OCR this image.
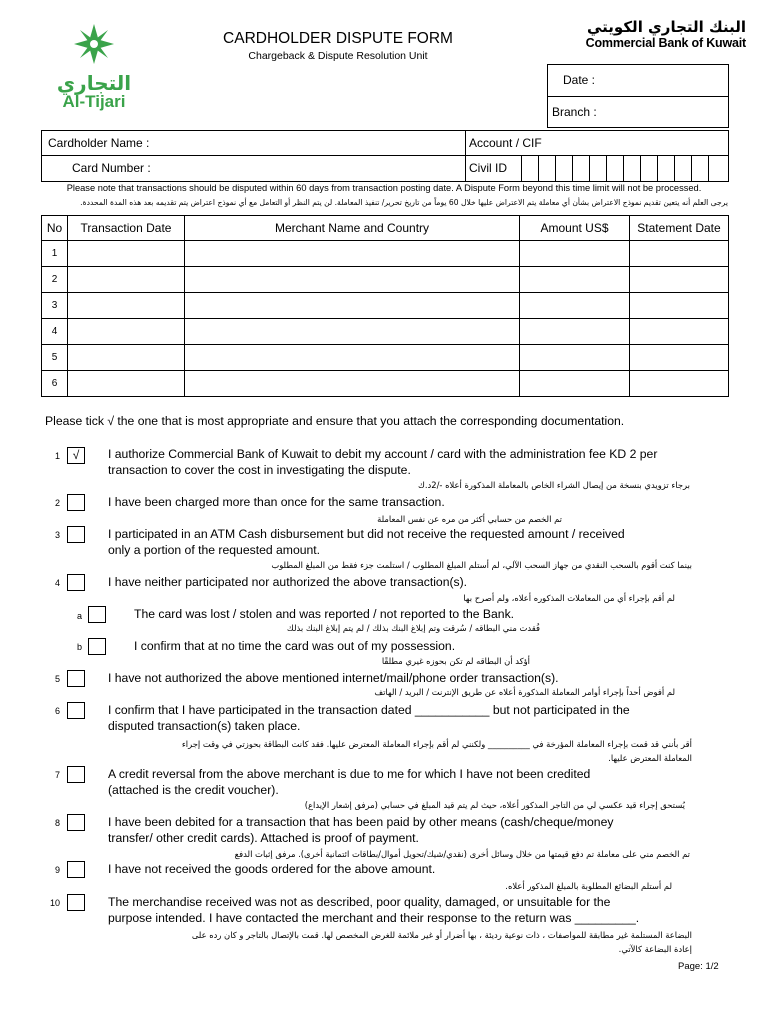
التجاري
Al-Tijari
CARDHOLDER DISPUTE FORM
Chargeback & Dispute Resolution Unit
البنك التجاري الكويتي
Commercial Bank of Kuwait
Date :
Branch :
Cardholder Name :
Card Number :
Account / CIF
Civil ID
Please note that transactions should be disputed within 60 days from transaction posting date. A Dispute Form beyond this time limit will not be processed.
يرجى العلم أنه يتعين تقديم نموذج الاعتراض بشأن أي معاملة يتم الاعتراض عليها خلال 60 يوماً من تاريخ تحرير/ تنفيذ المعاملة. لن يتم النظر أو التعامل مع أي نموذج اعتراض يتم تقديمه بعد هذه المدة المحددة.
No	Transaction Date	Merchant Name and Country	Amount US$	Statement Date
1				
2				
3				
4				
5				
6				
Please tick √ the one that is most appropriate and ensure that you attach the corresponding documentation.
1	√	I authorize Commercial Bank of Kuwait to debit my account / card with the administration fee KD 2 per
transaction to cover the cost in investigating the dispute.
برجاء تزويدي بنسخة من إيصال الشراء الخاص بالمعاملة المذكورة أعلاه -/2د.ك
2	I have been charged more than once for the same transaction.
تم الخصم من حسابي أكثر من مره عن نفس المعاملة
3	I participated in an ATM Cash disbursement but did not receive the requested amount / received
only a portion of the requested amount.
بينما كنت أقوم بالسحب النقدي من جهاز السحب الآلي، لم أستلم المبلغ المطلوب / استلمت جزء فقط من المبلغ المطلوب
4	I have neither participated nor authorized the above transaction(s).
لم أقم بإجراء أي من المعاملات المذكوره أعلاه، ولم أصرح بها
a	The card was lost / stolen and was reported / not reported to the Bank.
فُقدت مني البطاقه / سُرقت وتم إبلاغ البنك بذلك / لم يتم إبلاغ البنك بذلك
b	I confirm that at no time the card was out of my possession.
أؤكد أن البطاقه لم تكن بحوزه غيري مطلقًا
5	I have not authorized the above mentioned internet/mail/phone order transaction(s).
لم أفوض أحداً بإجراء أوامر المعاملة المذكورة أعلاه عن طريق الإنترنت / البريد / الهاتف
6	I confirm that I have participated in the transaction dated ___________ but not participated in the
disputed transaction(s) taken place.
أقر بأنني قد قمت بإجراء المعاملة المؤرخة في __________ ولكنني لم أقم بإجراء المعاملة المعترض عليها. فقد كانت البطاقة بحوزتي في وقت إجراء
المعاملة المعترض عليها.
7	A credit reversal from the above merchant is due to me for which I have not been credited
(attached is the credit voucher).
يُستحق إجراء قيد عكسي لي من التاجر المذكور أعلاه، حيث لم يتم قيد المبلغ في حسابي (مرفق إشعار الإيداع)
8	I have been debited for a transaction that has been paid by other means (cash/cheque/money
transfer/ other credit cards). Attached is proof of payment.
تم الخصم مني على معاملة تم دفع قيمتها من خلال وسائل أخرى (نقدي/شيك/تحويل أموال/بطاقات ائتمانية أخرى). مرفق إثبات الدفع
9	I have not received the goods ordered for the above amount.
لم أستلم البضائع المطلوبة بالمبلغ المذكور أعلاه.
10	The merchandise received was not as described, poor quality, damaged, or unsuitable for the
purpose intended. I have contacted the merchant and their response to the return was _________.
البضاعة المستلمة غير مطابقة للمواصفات ، ذات نوعية رديئة ، بها أضرار أو غير ملائمة للغرض المخصص لها. قمت بالإتصال بالتاجر و كان رده على
إعادة البضاعة كالآتي.
Page: 1/2
